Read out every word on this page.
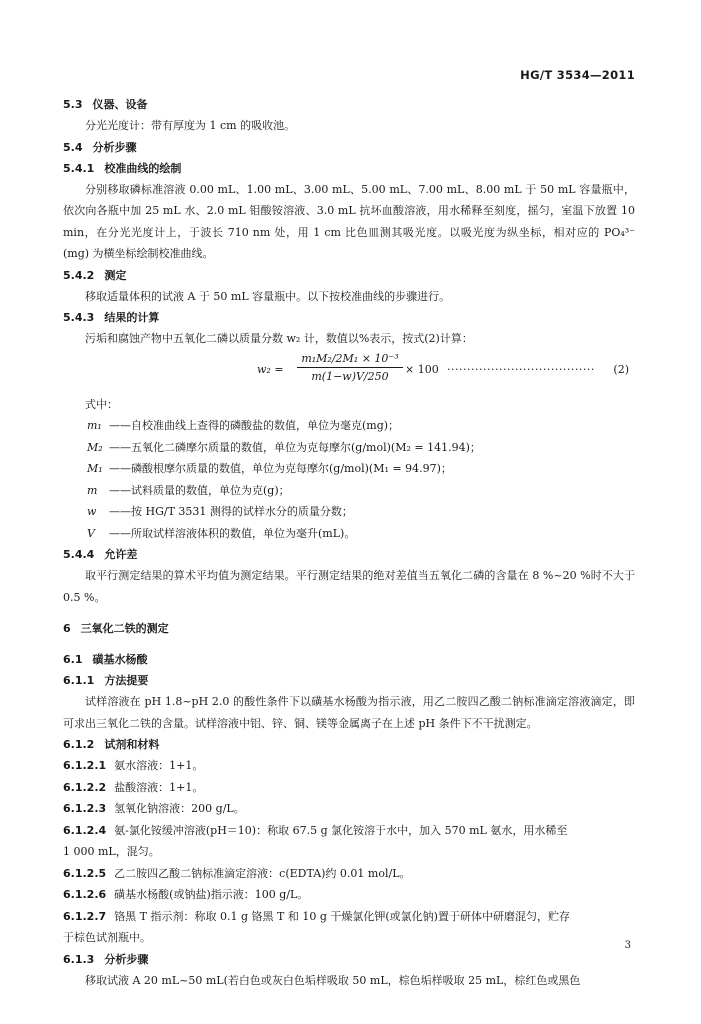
HG/T 3534—2011
5.3 仪器、设备
分光光度计：带有厚度为 1 cm 的吸收池。
5.4 分析步骤
5.4.1 校准曲线的绘制
分别移取磷标准溶液 0.00 mL、1.00 mL、3.00 mL、5.00 mL、7.00 mL、8.00 mL 于 50 mL 容量瓶中，依次向各瓶中加 25 mL 水、2.0 mL 钼酸铵溶液、3.0 mL 抗坏血酸溶液，用水稀释至刻度，摇匀，室温下放置 10 min，在分光光度计上，于波长 710 nm 处，用 1 cm 比色皿测其吸光度。以吸光度为纵坐标，相对应的 PO₄³⁻ (mg) 为横坐标绘制校准曲线。
5.4.2 测定
移取适量体积的试液 A 于 50 mL 容量瓶中。以下按校准曲线的步骤进行。
5.4.3 结果的计算
污垢和腐蚀产物中五氧化二磷以质量分数 w₂ 计，数值以%表示，按式(2)计算：
$w_2 = \frac{\text{m₁M₂/2M₁ × 10⁻³}}{m(1-w)V/250} \times 100$ ····································· (2)
式中：
m₁ ——自校准曲线上查得的磷酸盐的数值，单位为毫克(mg)；
M₂ ——五氧化二磷摩尔质量的数值，单位为克每摩尔(g/mol)(M₂ = 141.94)；
M₁ ——磷酸根摩尔质量的数值，单位为克每摩尔(g/mol)(M₁ = 94.97)；
m	——试料质量的数值，单位为克(g)；
w	——按 HG/T 3531 测得的试样水分的质量分数；
V	——所取试样溶液体积的数值，单位为毫升(mL)。
5.4.4 允许差
取平行测定结果的算术平均值为测定结果。平行测定结果的绝对差值当五氧化二磷的含量在 8 %~20 %时不大于 0.5 %。
6 三氧化二铁的测定
6.1 磺基水杨酸
6.1.1 方法提要
试样溶液在 pH 1.8~pH 2.0 的酸性条件下以磺基水杨酸为指示液，用乙二胺四乙酸二钠标准滴定溶液滴定，即可求出三氧化二铁的含量。试样溶液中铝、锌、铜、镁等金属离子在上述 pH 条件下不干扰测定。
6.1.2 试剂和材料
6.1.2.1 氨水溶液：1+1。
6.1.2.2 盐酸溶液：1+1。
6.1.2.3 氢氧化钠溶液：200 g/L。
6.1.2.4 氨-氯化铵缓冲溶液(pH＝10)：称取 67.5 g 氯化铵溶于水中，加入 570 mL 氨水，用水稀至
1 000 mL，混匀。
6.1.2.5 乙二胺四乙酸二钠标准滴定溶液：c(EDTA)约 0.01 mol/L。
6.1.2.6 磺基水杨酸(或钠盐)指示液：100 g/L。
6.1.2.7 铬黑 T 指示剂：称取 0.1 g 铬黑 T 和 10 g 干燥氯化钾(或氯化钠)置于研体中研磨混匀，贮存
于棕色试剂瓶中。
6.1.3 分析步骤
移取试液 A 20 mL~50 mL(若白色或灰白色垢样吸取 50 mL，棕色垢样吸取 25 mL，棕红色或黑色
3
